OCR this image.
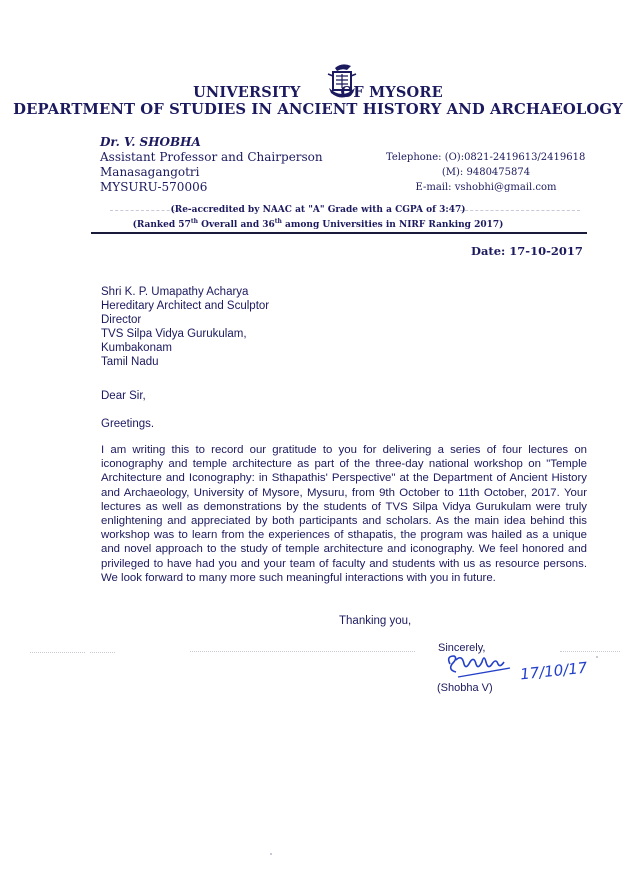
UNIVERSITY	OF MYSORE
DEPARTMENT OF STUDIES IN ANCIENT HISTORY AND ARCHAEOLOGY
Dr. V. SHOBHA
Assistant Professor and Chairperson
Manasagangotri
MYSURU-570006
Telephone: (O):0821-2419613/2419618
(M): 9480475874
E-mail: vshobhi@gmail.com
(Re-accredited by NAAC at "A" Grade with a CGPA of 3:47)
(Ranked 57th Overall and 36th among Universities in NIRF Ranking 2017)
Date: 17-10-2017
Shri K. P. Umapathy Acharya
Hereditary Architect and Sculptor
Director
TVS Silpa Vidya Gurukulam,
Kumbakonam
Tamil Nadu
Dear Sir,
Greetings.
I am writing this to record our gratitude to you for delivering a series of four lectures on iconography and temple architecture as part of the three-day national workshop on "Temple Architecture and Iconography: in Sthapathis' Perspective" at the Department of Ancient History and Archaeology, University of Mysore, Mysuru, from 9th October to 11th October, 2017. Your lectures as well as demonstrations by the students of TVS Silpa Vidya Gurukulam were truly enlightening and appreciated by both participants and scholars. As the main idea behind this workshop was to learn from the experiences of sthapatis, the program was hailed as a unique and novel approach to the study of temple architecture and iconography. We feel honored and privileged to have had you and your team of faculty and students with us as resource persons. We look forward to many more such meaningful interactions with you in future.
Thanking you,
Sincerely,
17/10/17
(Shobha V)
